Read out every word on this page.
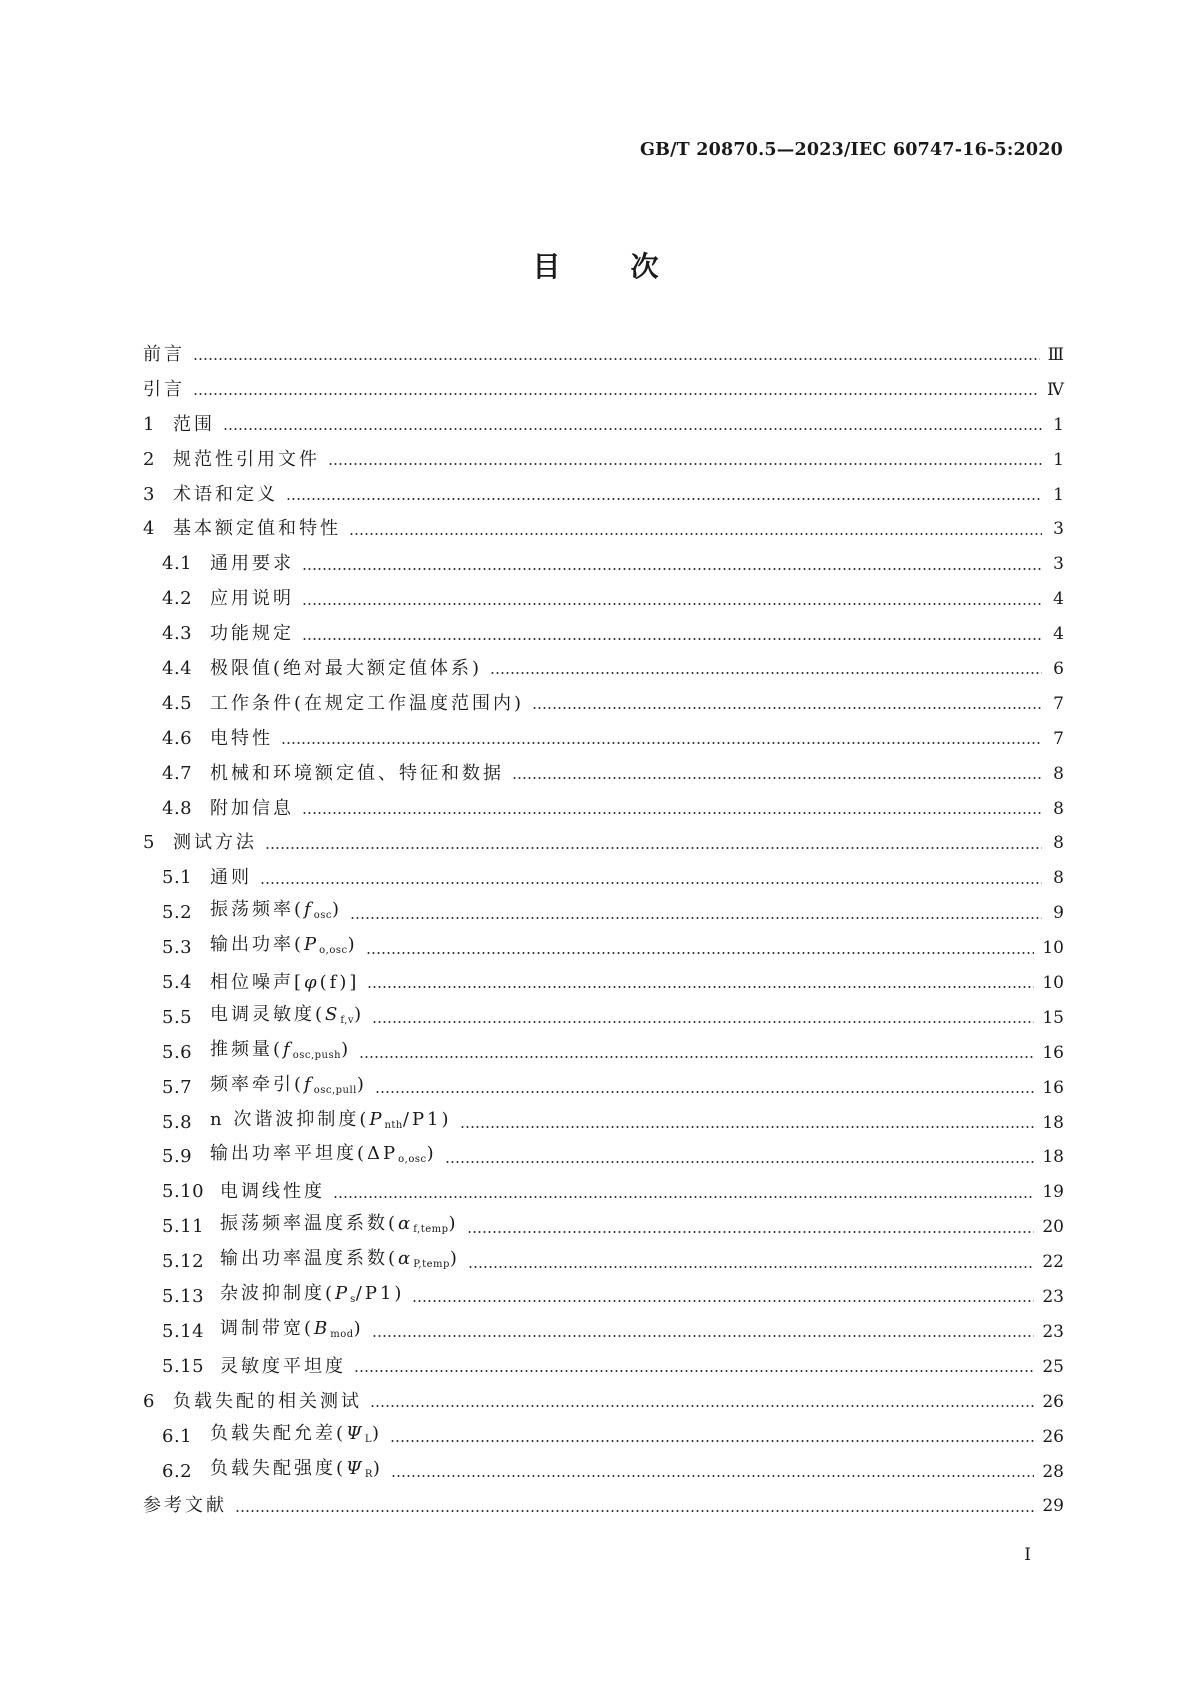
GB/T 20870.5—2023/IEC 60747-16-5:2020
目	次
前言	Ⅲ
引言	Ⅳ
1	范围	1
2	规范性引用文件	1
3	术语和定义	1
4	基本额定值和特性	3
4.1 通用要求	3
4.2 应用说明	4
4.3 功能规定	4
4.4 极限值(绝对最大额定值体系)	6
4.5 工作条件(在规定工作温度范围内)	7
4.6 电特性	7
4.7 机械和环境额定值、特征和数据	8
4.8 附加信息	8
5	测试方法	8
5.1 通则	8
5.2 振荡频率$(f_{osc})$	9
5.3 输出功率$(P_{o,osc})$	10
5.4 相位噪声[φ(f)]	10
5.5 电调灵敏度$(S_{f,v})$	15
5.6 推频量$(f_{osc,push})$	16
5.7 频率牵引$(f_{osc,pull})$	16
5.8 n 次谐波抑制度$(P_{nth}/P1)$	18
5.9 输出功率平坦度$(\Delta P_{o,osc})$	18
5.10 电调线性度	19
5.11 振荡频率温度系数$(\alpha_{f,temp})$	20
5.12 输出功率温度系数$(\alpha_{P,temp})$	22
5.13 杂波抑制度$(P_s/P1)$	23
5.14 调制带宽$(B_{mod})$	23
5.15 灵敏度平坦度	25
6	负载失配的相关测试	26
6.1 负载失配允差$(\Psi_L)$	26
6.2 负载失配强度$(\Psi_R)$	28
参考文献	29
Ⅰ
